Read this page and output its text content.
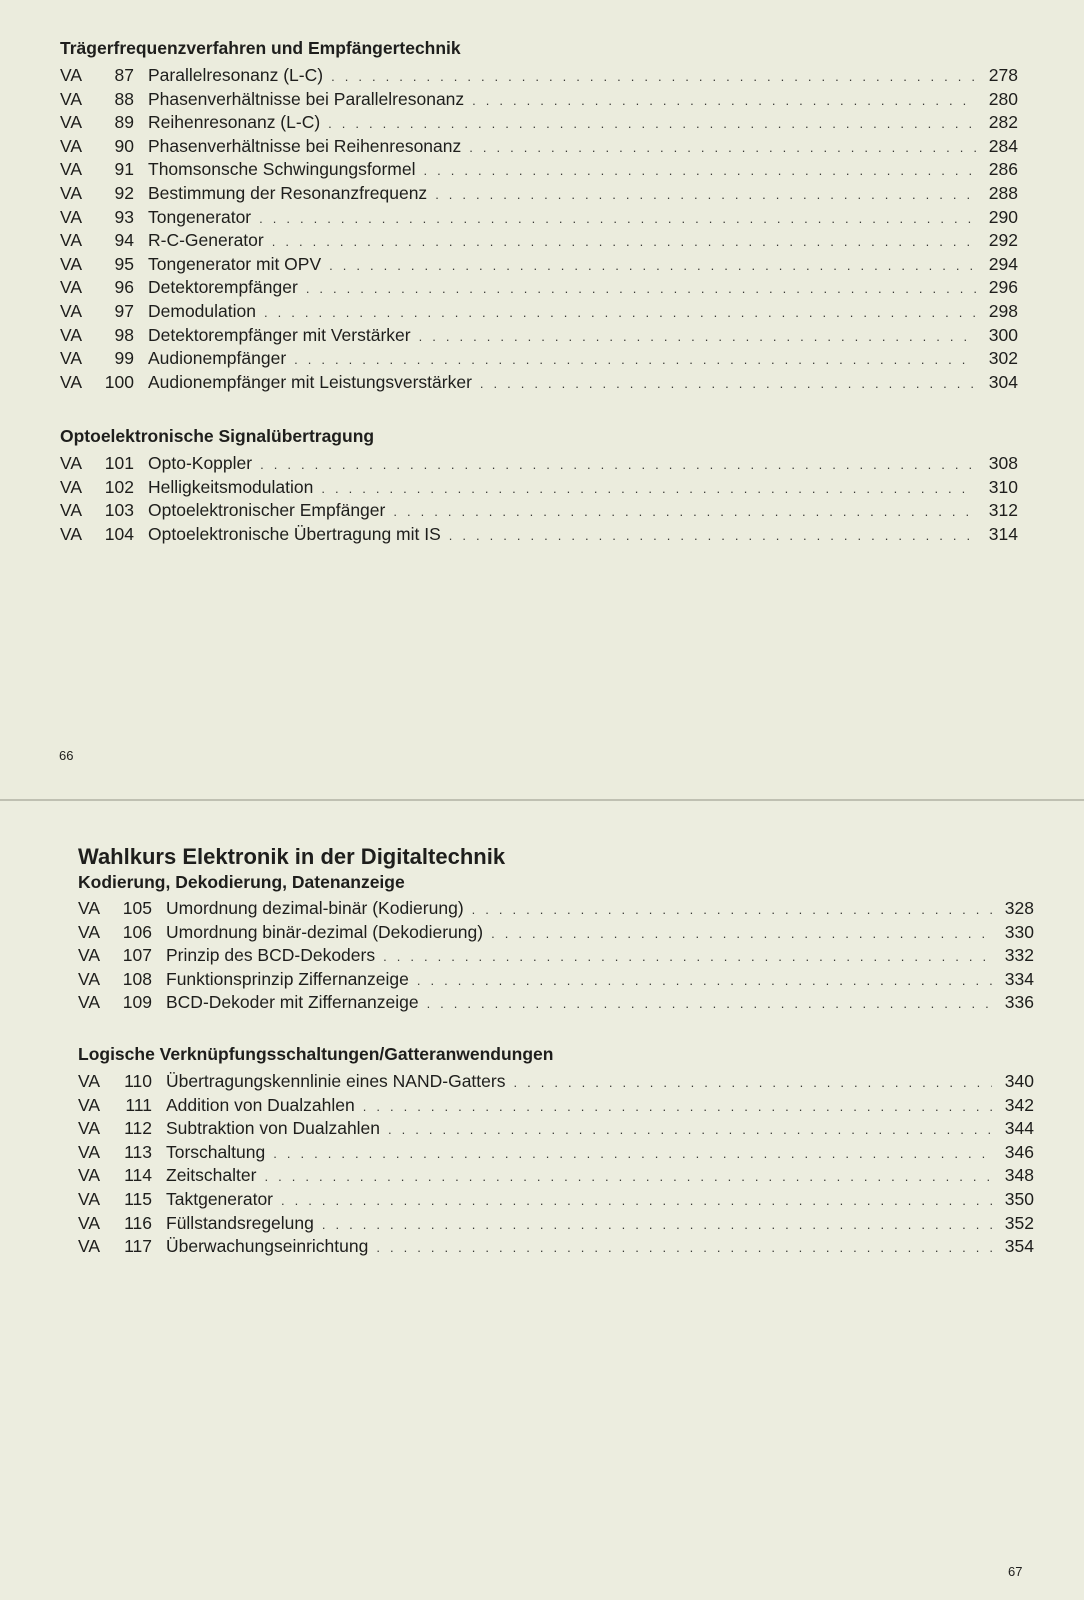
Trägerfrequenzverfahren und Empfängertechnik
VA	87 Parallelresonanz (L-C) . . .	278
VA	88 Phasenverhältnisse bei Parallelresonanz . . .	280
VA	89 Reihenresonanz (L-C) . . .	282
VA	90 Phasenverhältnisse bei Reihenresonanz . . .	284
VA	91 Thomsonsche Schwingungsformel . . .	286
VA	92 Bestimmung der Resonanzfrequenz . . .	288
VA	93 Tongenerator . . .	290
VA	94 R-C-Generator . . .	292
VA	95 Tongenerator mit OPV . . .	294
VA	96 Detektorempfänger . . .	296
VA	97 Demodulation . . .	298
VA	98 Detektorempfänger mit Verstärker . . .	300
VA	99 Audionempfänger . . .	302
VA	100 Audionempfänger mit Leistungsverstärker . . .	304
Optoelektronische Signalübertragung
VA	101 Opto-Koppler . . .	308
VA	102 Helligkeitsmodulation . . .	310
VA	103 Optoelektronischer Empfänger . . .	312
VA	104 Optoelektronische Übertragung mit IS . . .	314
66
Wahlkurs Elektronik in der Digitaltechnik
Kodierung, Dekodierung, Datenanzeige
VA	105 Umordnung dezimal-binär (Kodierung) . . .	328
VA	106 Umordnung binär-dezimal (Dekodierung) . . .	330
VA	107 Prinzip des BCD-Dekoders . . .	332
VA	108 Funktionsprinzip Ziffernanzeige . . .	334
VA	109 BCD-Dekoder mit Ziffernanzeige . . .	336
Logische Verknüpfungsschaltungen/Gatteranwendungen
VA	110 Übertragungskennlinie eines NAND-Gatters . . .	340
VA	111 Addition von Dualzahlen . . .	342
VA	112 Subtraktion von Dualzahlen . . .	344
VA	113 Torschaltung . . .	346
VA	114 Zeitschalter . . .	348
VA	115 Taktgenerator . . .	350
VA	116 Füllstandsregelung . . .	352
VA	117 Überwachungseinrichtung . . .	354
67
